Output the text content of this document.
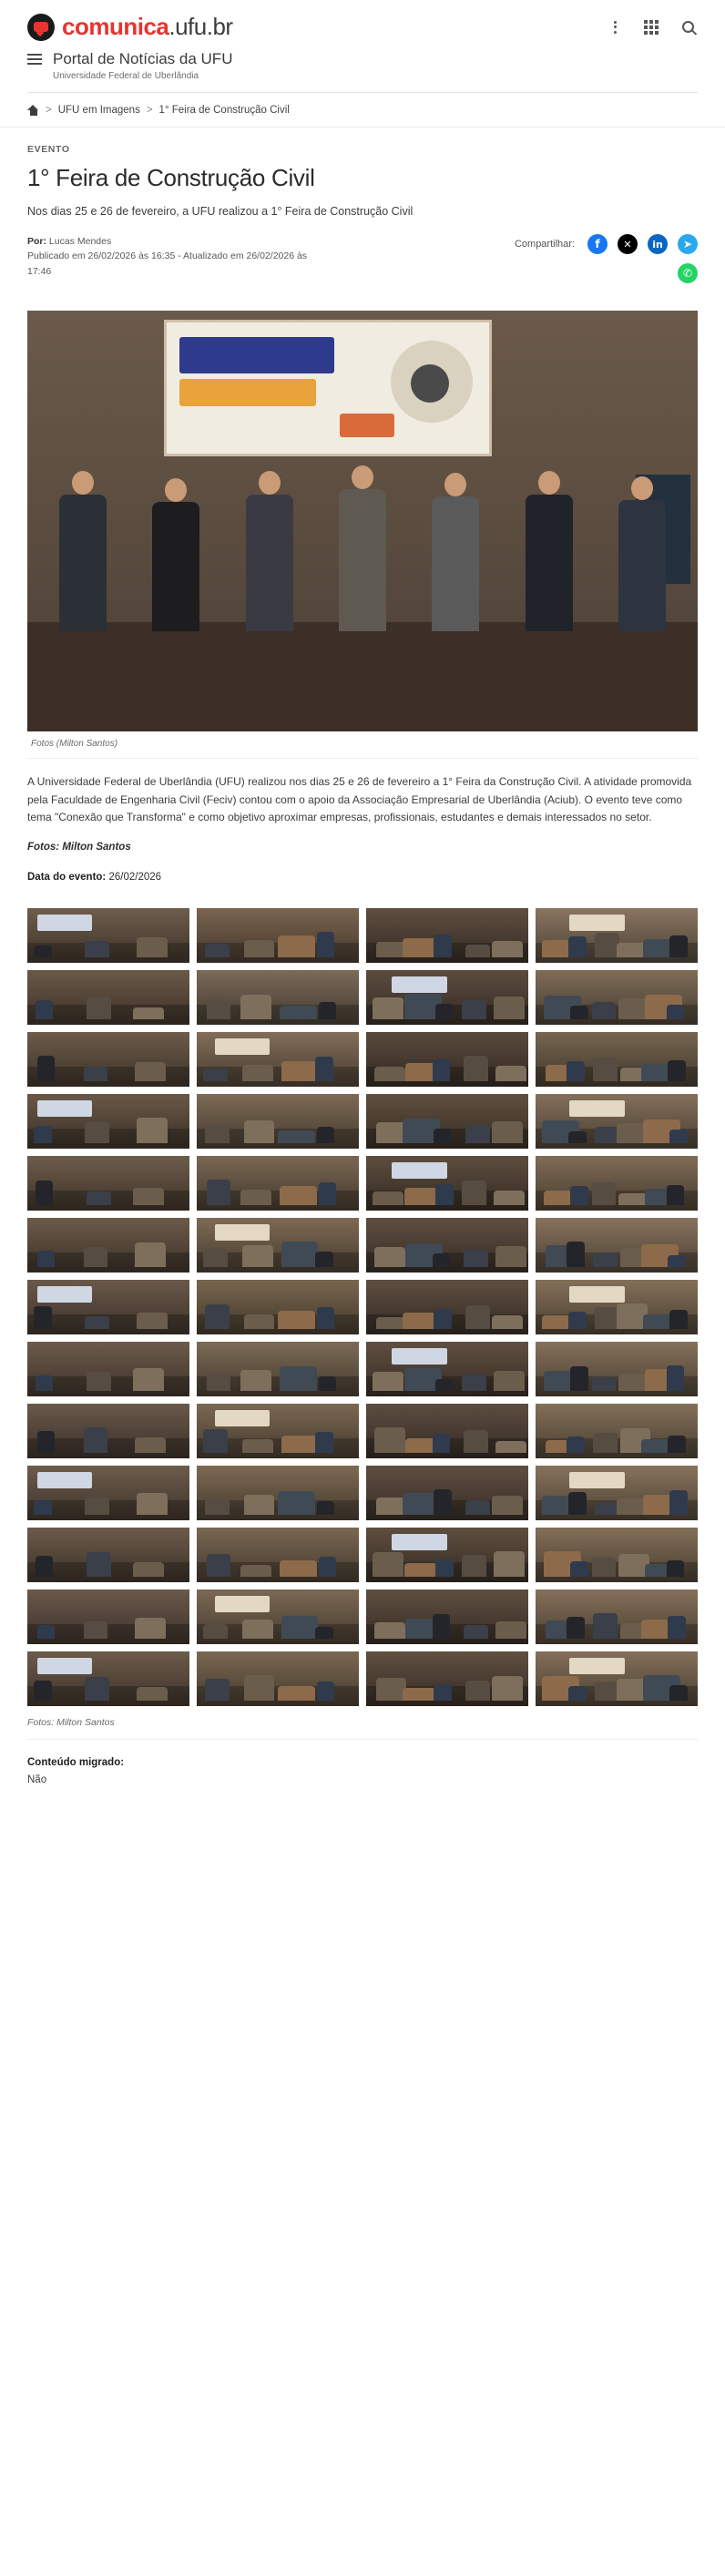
comunica.ufu.br
Portal de Notícias da UFU
Universidade Federal de Uberlândia
> UFU em Imagens > 1° Feira de Construção Civil
EVENTO
1° Feira de Construção Civil

Nos dias 25 e 26 de fevereiro, a UFU realizou a 1° Feira de Construção Civil

Por: Lucas Mendes
Publicado em 26/02/2026 às 16:35 - Atualizado em 26/02/2026 às 17:46
Compartilhar:	f	✕	in	➤
✆
Fotos (Milton Santos)

A Universidade Federal de Uberlândia (UFU) realizou nos dias 25 e 26 de fevereiro a 1° Feira da Construção Civil. A atividade promovida pela Faculdade de Engenharia Civil (Feciv) contou com o apoio da Associação Empresarial de Uberlândia (Aciub). O evento teve como tema "Conexão que Transforma" e como objetivo aproximar empresas, profissionais, estudantes e demais interessados no setor.

Fotos: Milton Santos

Data do evento: 26/02/2026

Fotos: Milton Santos
Conteúdo migrado:
Não
